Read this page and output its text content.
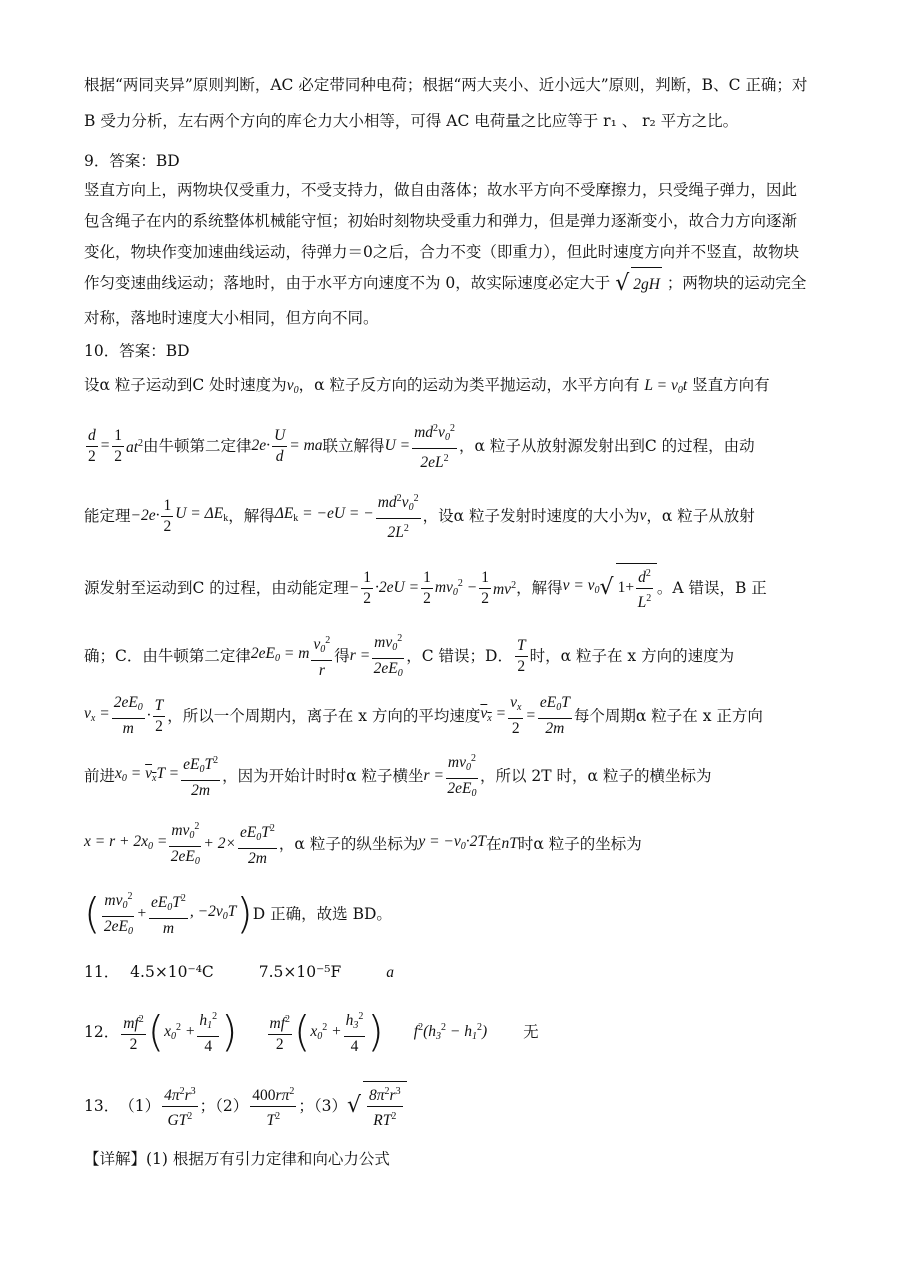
根据“两同夹异”原则判断，AC 必定带同种电荷；根据“两大夹小、近小远大”原则，判断，B、C 正确；对
B 受力分析，左右两个方向的库仑力大小相等，可得 AC 电荷量之比应等于 r₁ 、 r₂ 平方之比。
9．答案：BD
竖直方向上，两物块仅受重力，不受支持力，做自由落体；故水平方向不受摩擦力，只受绳子弹力，因此
包含绳子在内的系统整体机械能守恒；初始时刻物块受重力和弹力，但是弹力逐渐变小，故合力方向逐渐
变化，物块作变加速曲线运动，待弹力＝0之后，合力不变（即重力），但此时速度方向并不竖直，故物块
作匀变速曲线运动；落地时，由于水平方向速度不为 0，故实际速度必定大于 √ 2gH ；两物块的运动完全
对称，落地时速度大小相同，但方向不同。
10．答案：BD
设α 粒子运动到C 处时速度为$v_0$，α 粒子反方向的运动为类平抛运动，水平方向有 $L = v_0t$ 竖直方向有
$\frac{d}{2} = \frac{1}{2} at^2$ 由牛顿第二定律 $2e\cdot \frac{U}{d}$ = ma 联立解得 $U = \frac{md^2v_0^2}{2eL^2}$ ，α 粒子从放射源发射出到C 的过程，由动
能定理 −2e·
1
2
$U = \Delta E_k$ ，解得 $\Delta E_k = -eU$ = − $\frac{md^2v_0^2}{2L^2}$ ，设α 粒子发射时速度的大小为 v ，α 粒子从放射
源发射至运动到C 的过程，由动能定理 − $\frac{1}{2} \cdot 2eU = \frac{1}{2} mv_0^2 - \frac{1}{2} mv^2$ ，解得 $v = v_0$ √ $1+ \frac{d^2}{L^2}$ 。A 错误，B 正
确；C．由牛顿第二定律 $2eE_0 = m$ $v_0^2$
r
得 $r = \frac{mv_0^2}{2eE_0}$ ，C 错误；D．
T
2
时，α 粒子在 x 方向的速度为
$v_x = \frac{2eE_0}{m}$ ·
T
2
，所以一个周期内，离子在 x 方向的平均速度 $v_x = \frac{v_x}{2} = \frac{eE_0T}{2m}$ 每个周期α 粒子在 x 正方向
前进 $x_0 = v_xT = \frac{eE_0T^2}{2m}$ ，因为开始计时时α 粒子横坐 $r = \frac{mv_0^2}{2eE_0}$ ，所以 2T 时，α 粒子的横坐标为
$x = r + 2x_0 = \frac{mv_0^2}{2eE_0} + 2\times \frac{eE_0T^2}{2m}$ ，α 粒子的纵坐标为 $y = -v_0\cdot 2T$ 在 nT 时α 粒子的坐标为
( $mv_0^2$
$2eE_0$
+ $\frac{eE_0T^2}{m}$ , $-2v_0T$ ) D 正确，故选 BD。
11． 4.5×10⁻⁴C	7.5×10⁻⁵F	a
12． $mf^2$
2 ( $x_0^2 + \frac{h_1^2}{4}$ ) $mf^2$
2 ( $x_0^2 + \frac{h_3^2}{4}$ ) $f^2(h_3^2 - h_1^2)$ 无
13． （1）
$4\pi^2r^3$
$GT^2$
；（2）
$400r\pi^2$
$T^2$
；（3） √ $\frac{8\pi^2r^3}{RT^2}$
【详解】(1) 根据万有引力定律和向心力公式
